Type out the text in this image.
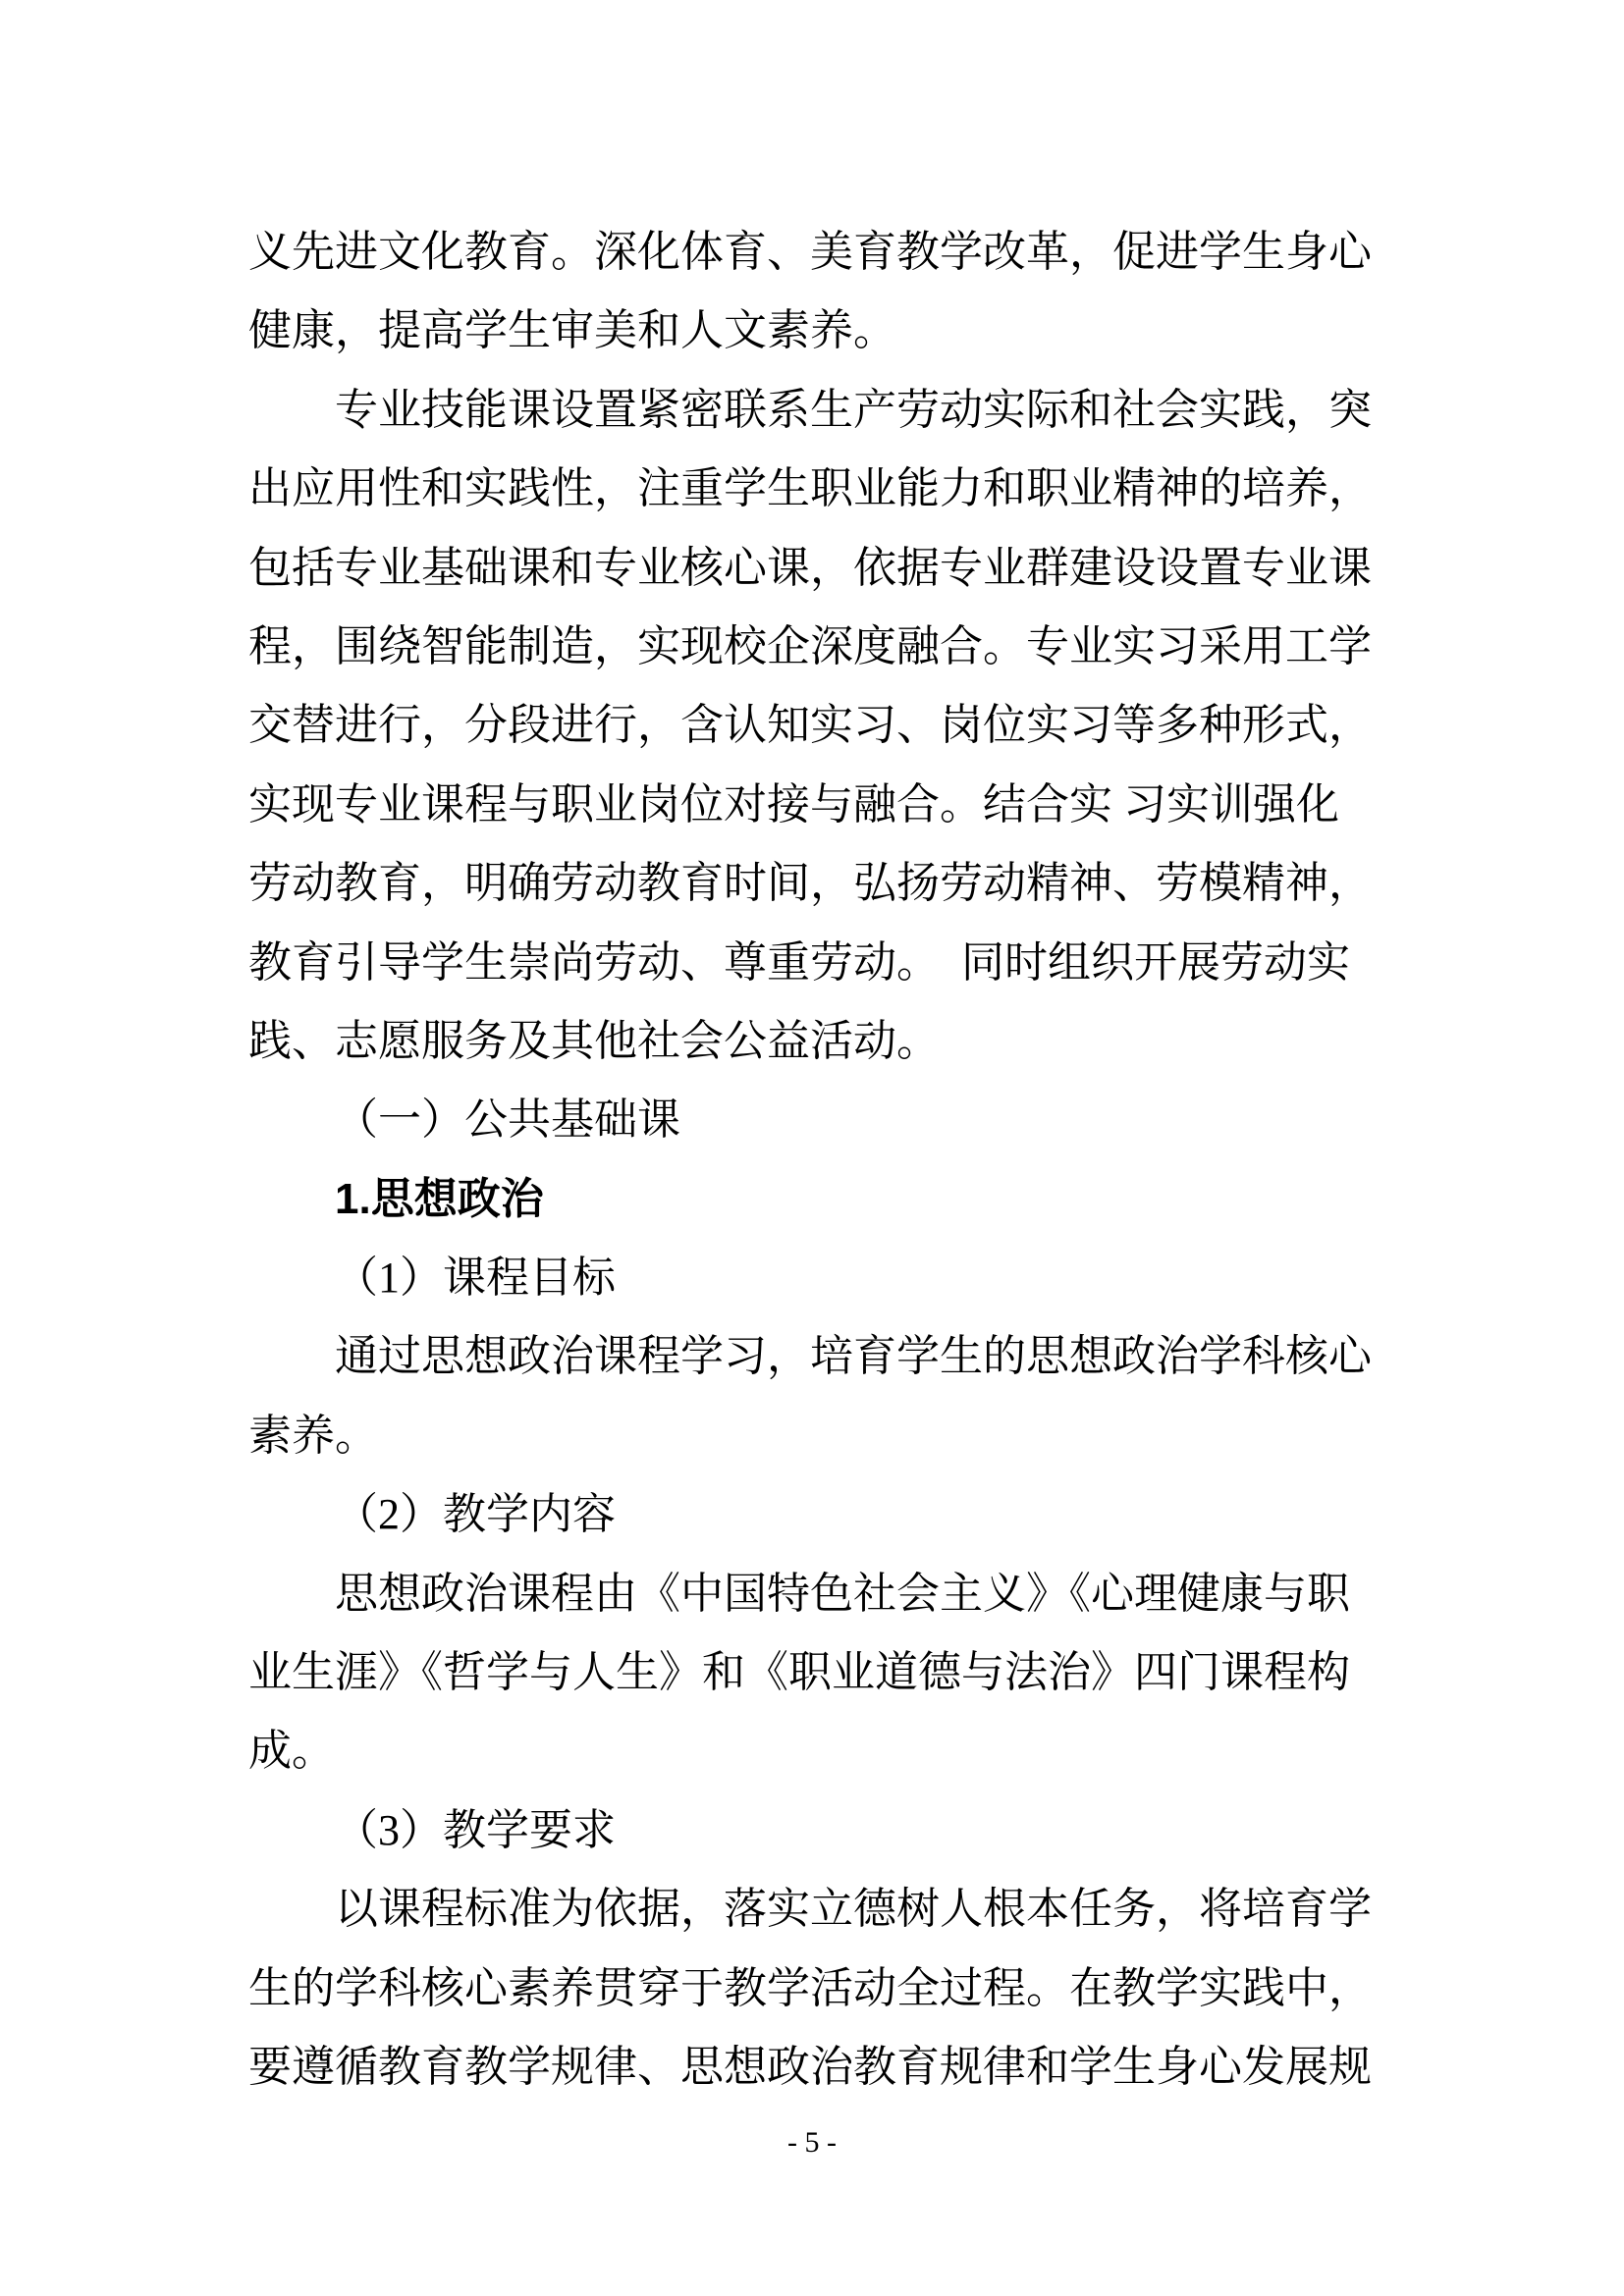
义先进文化教育。深化体育、美育教学改革，促进学生身心
健康，提高学生审美和人文素养。
专业技能课设置紧密联系生产劳动实际和社会实践，突
出应用性和实践性，注重学生职业能力和职业精神的培养，
包括专业基础课和专业核心课，依据专业群建设设置专业课
程，围绕智能制造，实现校企深度融合。专业实习采用工学
交替进行，分段进行，含认知实习、岗位实习等多种形式，
实现专业课程与职业岗位对接与融合。结合实 习实训强化
劳动教育，明确劳动教育时间，弘扬劳动精神、劳模精神，
教育引导学生崇尚劳动、尊重劳动。　同时组织开展劳动实
践、志愿服务及其他社会公益活动。
（一）公共基础课
1.思想政治
（1）课程目标
通过思想政治课程学习，培育学生的思想政治学科核心
素养。
（2）教学内容
思想政治课程由《中国特色社会主义》《心理健康与职
业生涯》《哲学与人生》和《职业道德与法治》四门课程构
成。
（3）教学要求
以课程标准为依据，落实立德树人根本任务，将培育学
生的学科核心素养贯穿于教学活动全过程。在教学实践中，
要遵循教育教学规律、思想政治教育规律和学生身心发展规
- 5 -
